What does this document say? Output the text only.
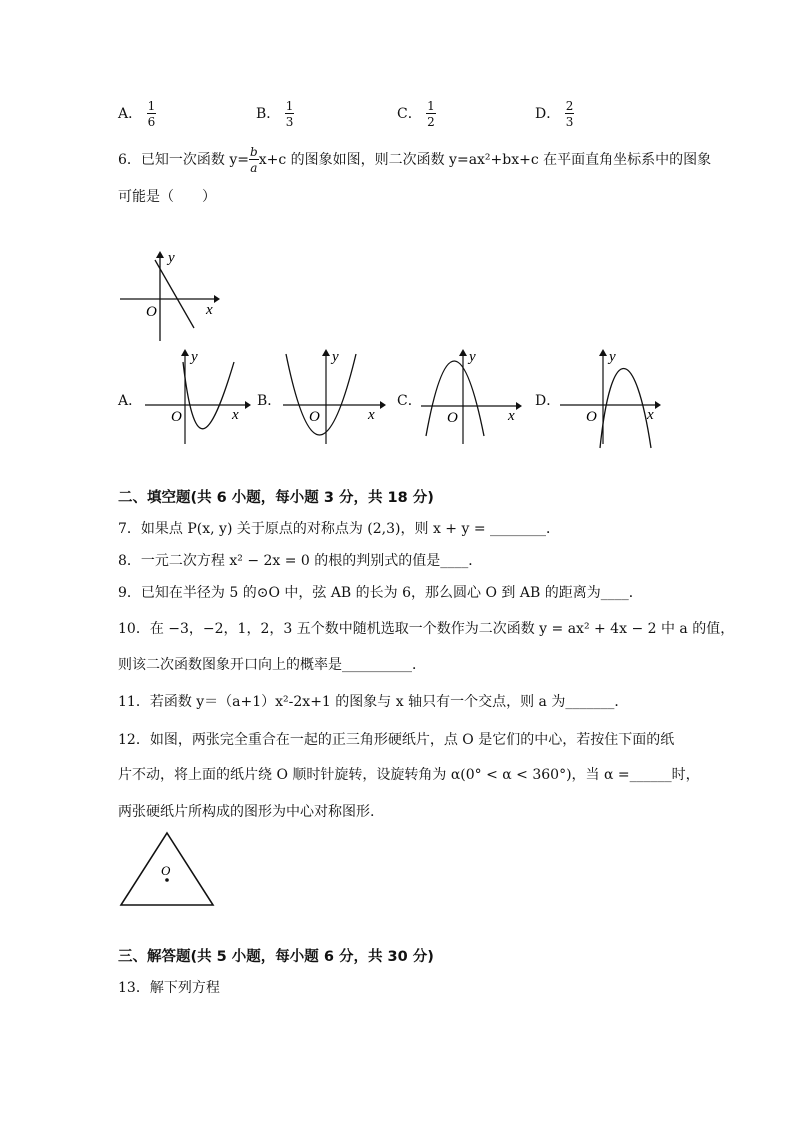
A． $\frac{1}{6}$	B． $\frac{1}{3}$	C． $\frac{1}{2}$	D． $\frac{2}{3}$
6．已知一次函数 $y= \frac{b}{a} x+c$ 的图象如图，则二次函数 y=ax²+bx+c 在平面直角坐标系中的图象
可能是（　　）
y
x
O
A．
y
x
O
B．
y
x
O
C．
y
x
O
D．
y
x
O
二、填空题(共 6 小题，每小题 3 分，共 18 分)
7．如果点 P(x, y) 关于原点的对称点为 (2,3)，则 x + y = ________．
8．一元二次方程 x² − 2x = 0 的根的判别式的值是____．
9．已知在半径为 5 的⊙O 中，弦 AB 的长为 6，那么圆心 O 到 AB 的距离为____．
10．在 −3，−2，1，2，3 五个数中随机选取一个数作为二次函数 y = ax² + 4x − 2 中 a 的值，
则该二次函数图象开口向上的概率是__________．
11．若函数 y＝（a+1）x²-2x+1 的图象与 x 轴只有一个交点，则 a 为_______．
12．如图，两张完全重合在一起的正三角形硬纸片，点 O 是它们的中心，若按住下面的纸
片不动，将上面的纸片绕 O 顺时针旋转，设旋转角为 α(0° < α < 360°)，当 α =______时，
两张硬纸片所构成的图形为中心对称图形.
O
三、解答题(共 5 小题，每小题 6 分，共 30 分)
13．解下列方程
